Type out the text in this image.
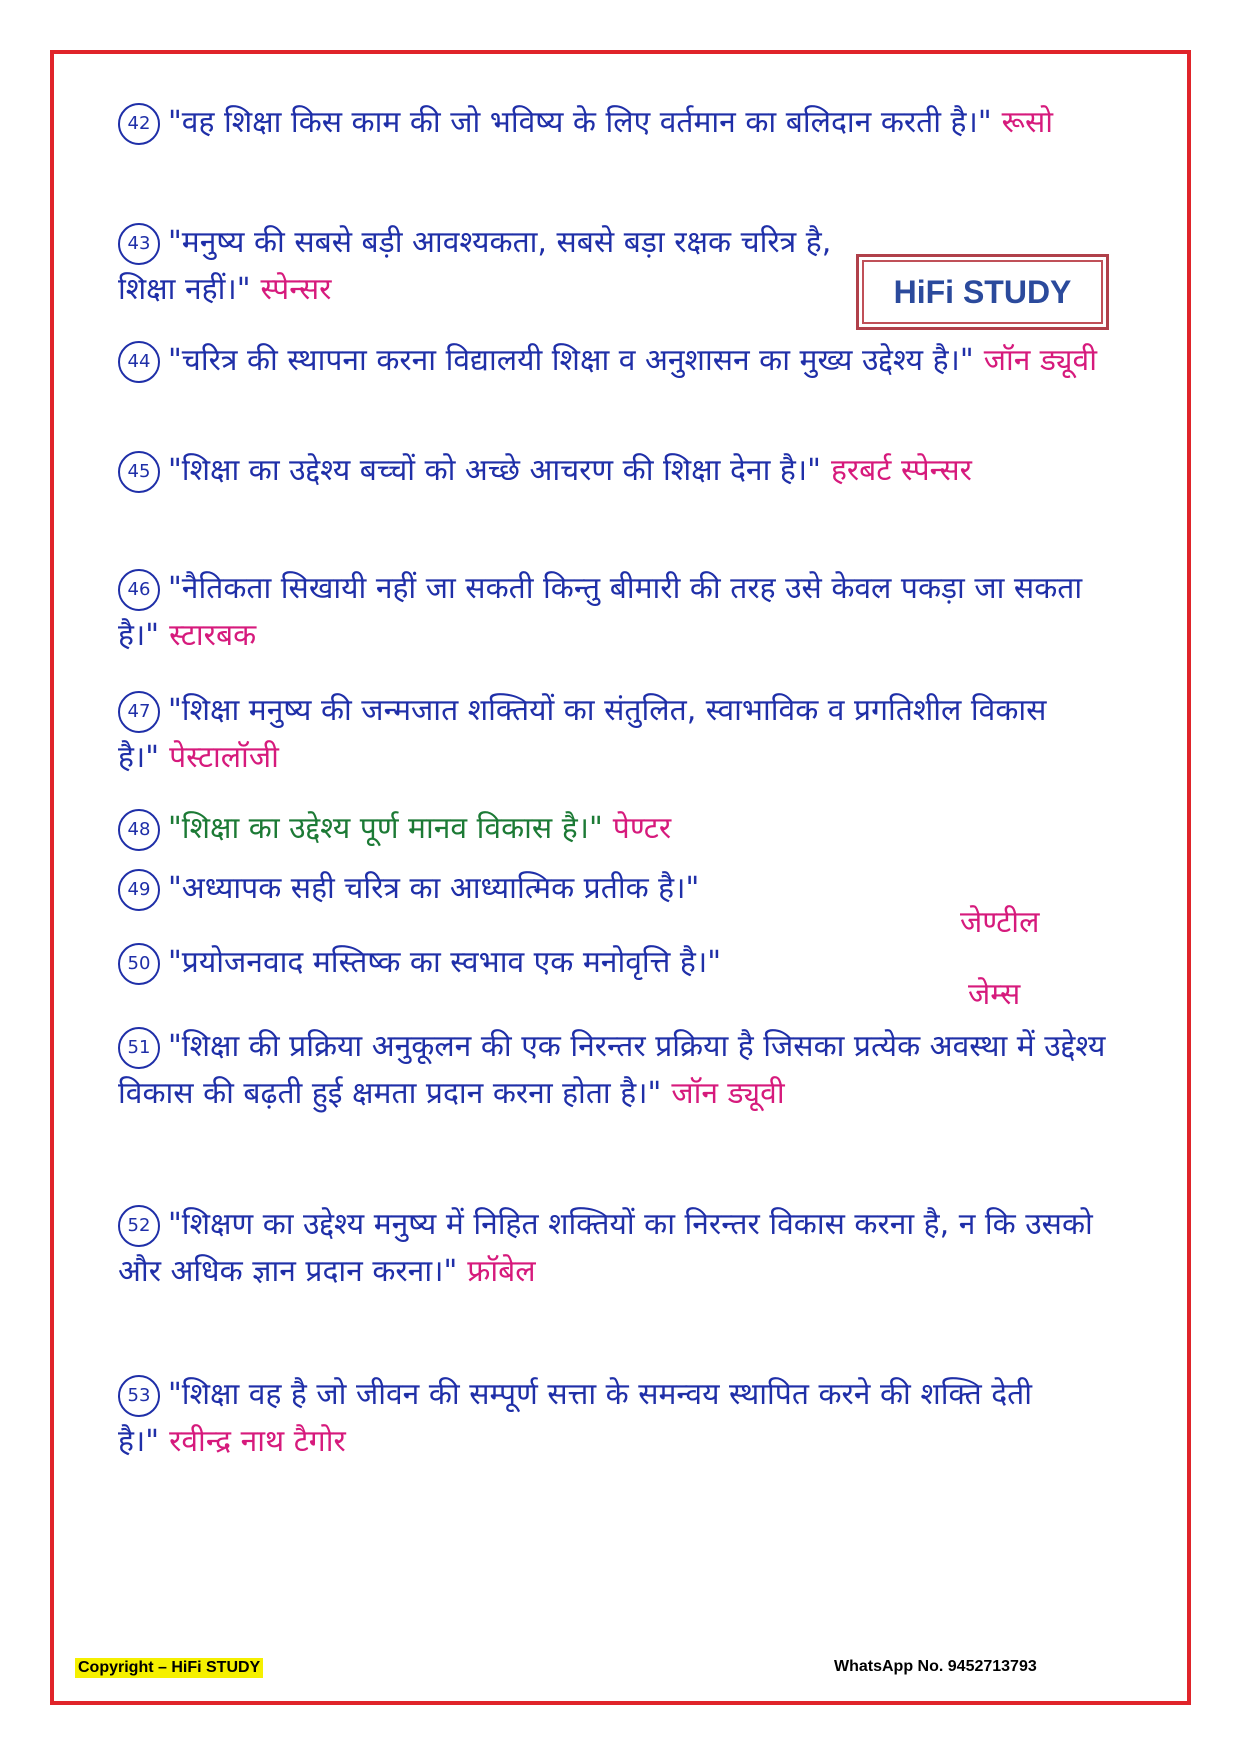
HiFi STUDY
42 "वह शिक्षा किस काम की जो भविष्य के लिए वर्तमान का बलिदान करती है।" रूसो
43 "मनुष्य की सबसे बड़ी आवश्यकता, सबसे बड़ा रक्षक चरित्र है, शिक्षा नहीं।" स्पेन्सर
44 "चरित्र की स्थापना करना विद्यालयी शिक्षा व अनुशासन का मुख्य उद्देश्य है।" जॉन ड्यूवी
45 "शिक्षा का उद्देश्य बच्चों को अच्छे आचरण की शिक्षा देना है।" हरबर्ट स्पेन्सर
46 "नैतिकता सिखायी नहीं जा सकती किन्तु बीमारी की तरह उसे केवल पकड़ा जा सकता है।" स्टारबक
47 "शिक्षा मनुष्य की जन्मजात शक्तियों का संतुलित, स्वाभाविक व प्रगतिशील विकास है।" पेस्टालॉजी
48 "शिक्षा का उद्देश्य पूर्ण मानव विकास है।" पेण्टर
49 "अध्यापक सही चरित्र का आध्यात्मिक प्रतीक है।"
जेण्टील
50 "प्रयोजनवाद मस्तिष्क का स्वभाव एक मनोवृत्ति है।"
जेम्स
51 "शिक्षा की प्रक्रिया अनुकूलन की एक निरन्तर प्रक्रिया है जिसका प्रत्येक अवस्था में उद्देश्य विकास की बढ़ती हुई क्षमता प्रदान करना होता है।" जॉन ड्यूवी
52 "शिक्षण का उद्देश्य मनुष्य में निहित शक्तियों का निरन्तर विकास करना है, न कि उसको और अधिक ज्ञान प्रदान करना।" फ्रॉबेल
53 "शिक्षा वह है जो जीवन की सम्पूर्ण सत्ता के समन्वय स्थापित करने की शक्ति देती है।" रवीन्द्र नाथ टैगोर
Copyright – HiFi STUDY	WhatsApp No. 9452713793
